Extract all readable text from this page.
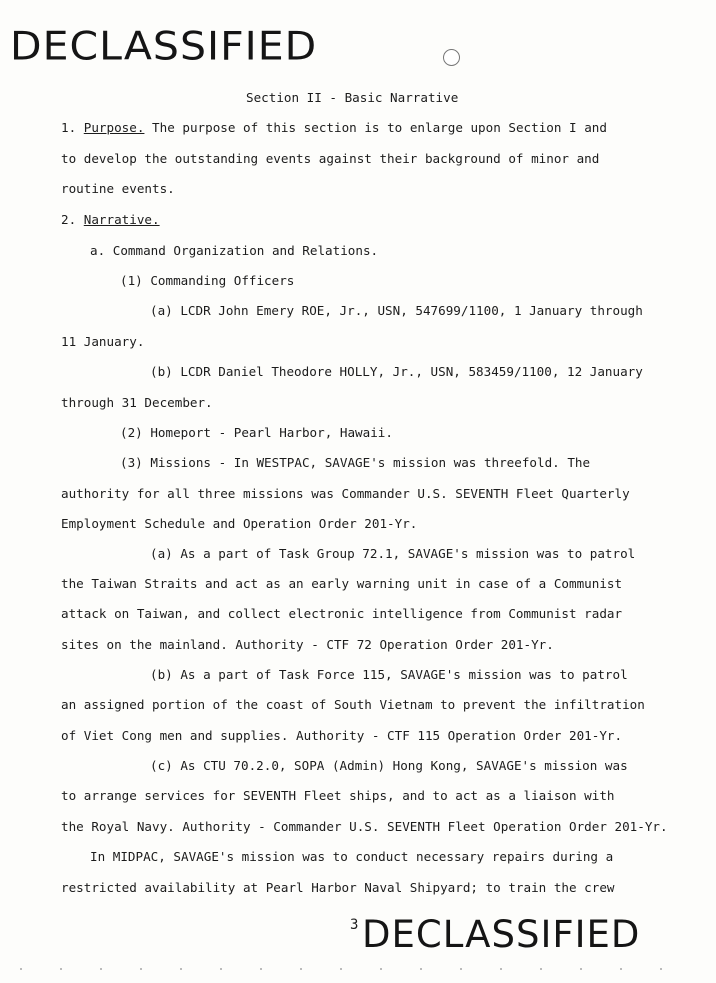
DECLASSIFIED
Section II - Basic Narrative
1. Purpose. The purpose of this section is to enlarge upon Section I and
to develop the outstanding events against their background of minor and
routine events.
2. Narrative.
a. Command Organization and Relations.
(1) Commanding Officers
(a) LCDR John Emery ROE, Jr., USN, 547699/1100, 1 January through
11 January.
(b) LCDR Daniel Theodore HOLLY, Jr., USN, 583459/1100, 12 January
through 31 December.
(2) Homeport - Pearl Harbor, Hawaii.
(3) Missions - In WESTPAC, SAVAGE's mission was threefold. The
authority for all three missions was Commander U.S. SEVENTH Fleet Quarterly
Employment Schedule and Operation Order 201-Yr.
(a) As a part of Task Group 72.1, SAVAGE's mission was to patrol
the Taiwan Straits and act as an early warning unit in case of a Communist
attack on Taiwan, and collect electronic intelligence from Communist radar
sites on the mainland. Authority - CTF 72 Operation Order 201-Yr.
(b) As a part of Task Force 115, SAVAGE's mission was to patrol
an assigned portion of the coast of South Vietnam to prevent the infiltration
of Viet Cong men and supplies. Authority - CTF 115 Operation Order 201-Yr.
(c) As CTU 70.2.0, SOPA (Admin) Hong Kong, SAVAGE's mission was
to arrange services for SEVENTH Fleet ships, and to act as a liaison with
the Royal Navy. Authority - Commander U.S. SEVENTH Fleet Operation Order 201-Yr.
In MIDPAC, SAVAGE's mission was to conduct necessary repairs during a
restricted availability at Pearl Harbor Naval Shipyard; to train the crew
3 DECLASSIFIED
